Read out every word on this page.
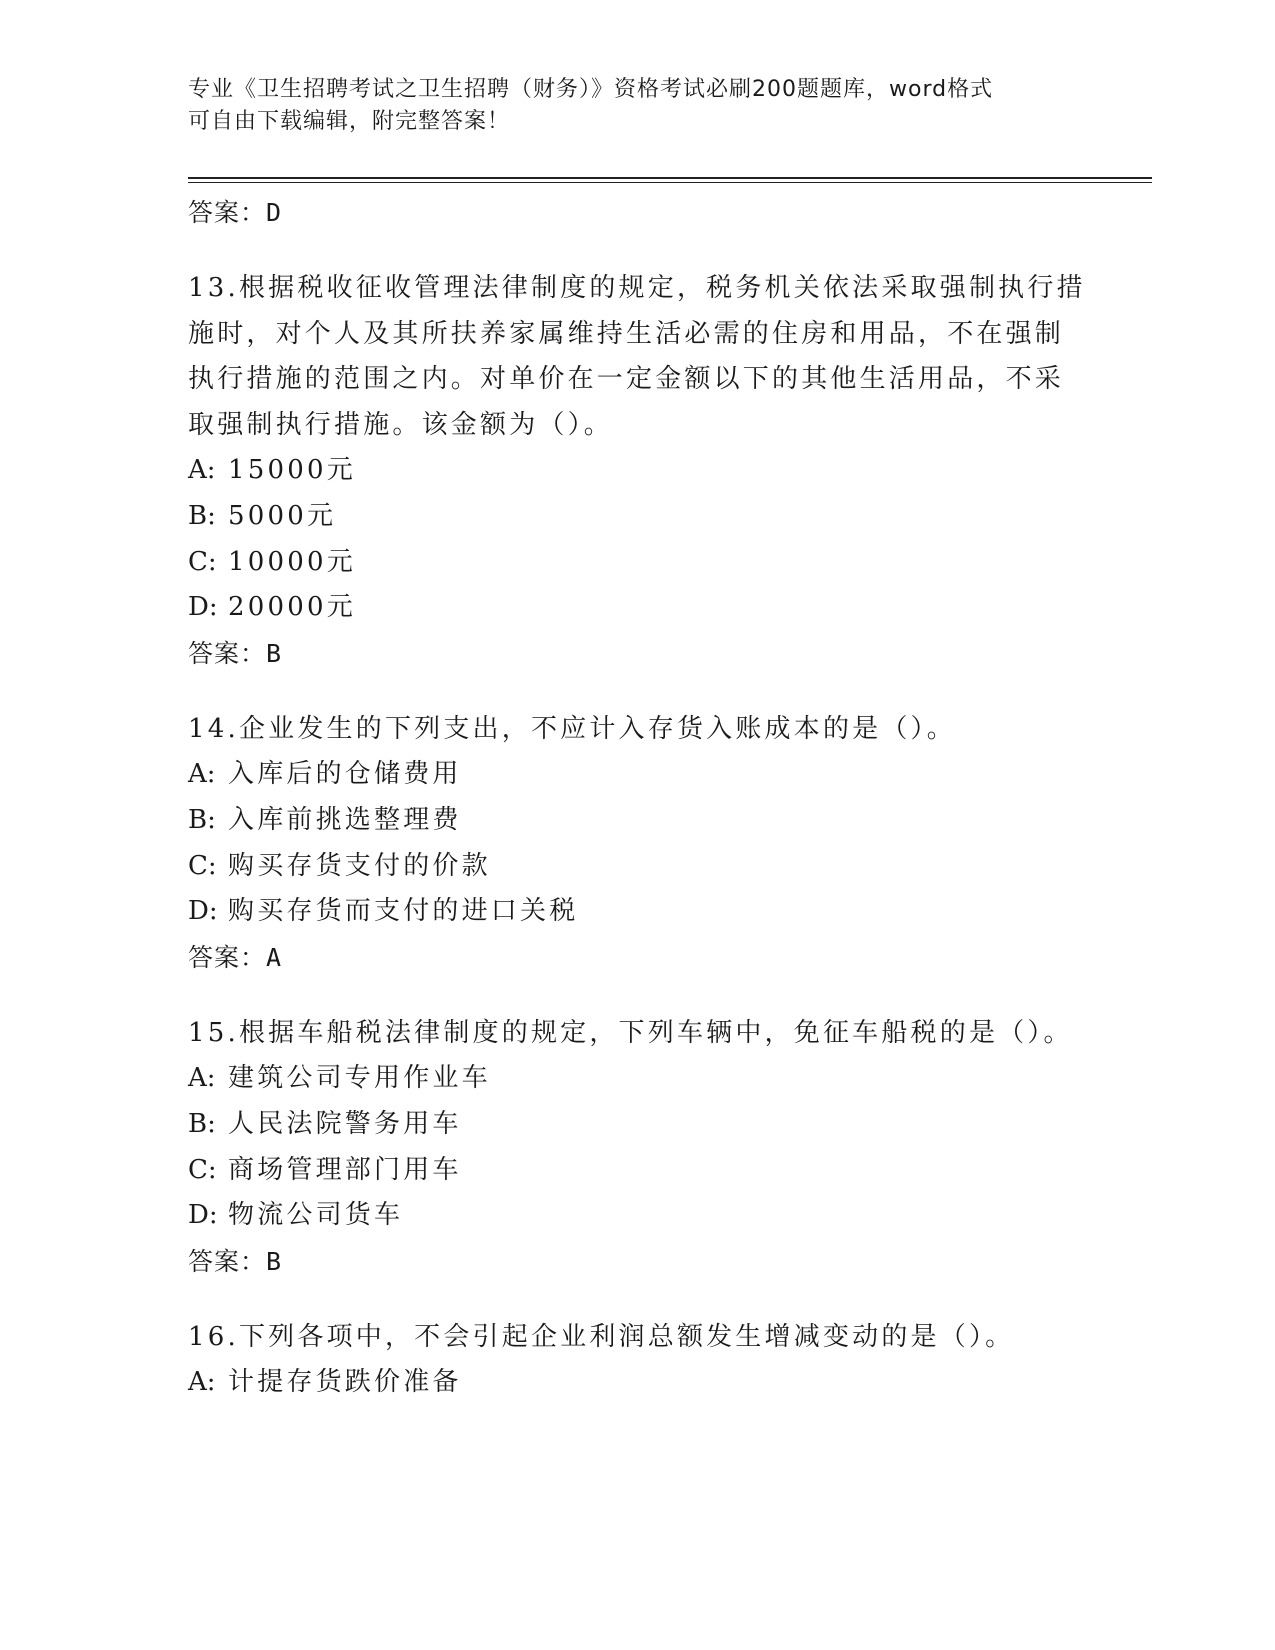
专业《卫生招聘考试之卫生招聘（财务）》资格考试必刷200题题库，word格式
可自由下载编辑，附完整答案！
答案：D
13.根据税收征收管理法律制度的规定，税务机关依法采取强制执行措
施时，对个人及其所扶养家属维持生活必需的住房和用品，不在强制
执行措施的范围之内。对单价在一定金额以下的其他生活用品，不采
取强制执行措施。该金额为（）。
A: 15000元
B: 5000元
C: 10000元
D: 20000元
答案：B
14.企业发生的下列支出，不应计入存货入账成本的是（）。
A: 入库后的仓储费用
B: 入库前挑选整理费
C: 购买存货支付的价款
D: 购买存货而支付的进口关税
答案：A
15.根据车船税法律制度的规定，下列车辆中，免征车船税的是（）。
A: 建筑公司专用作业车
B: 人民法院警务用车
C: 商场管理部门用车
D: 物流公司货车
答案：B
16.下列各项中，不会引起企业利润总额发生增减变动的是（）。
A: 计提存货跌价准备
